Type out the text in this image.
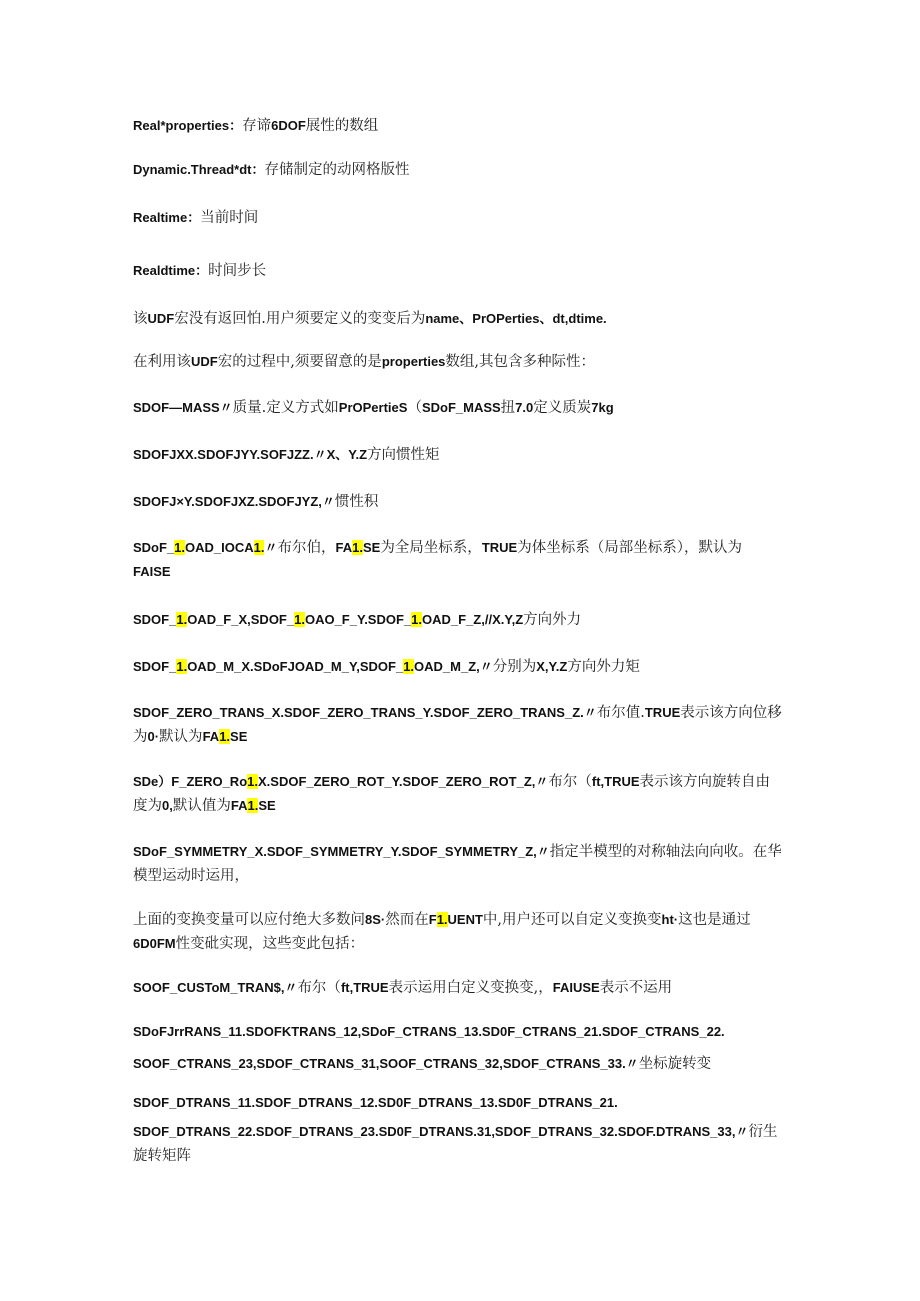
Real*properties：存谛6DOF展性的数组
Dynamic.Thread*dt：存储制定的动网格版性
Realtime：当前时间
Realdtime：时间步长
该UDF宏没有返回怕.用户须要定义的变变后为name、PrOPerties、dt,dtime.
在利用该UDF宏的过程中,须要留意的是properties数组,其包含多种际性：
SDOF—MASS〃质量.定义方式如PrOPertieS（SDoF_MASS扭7.0定义质炭7kg
SDOFJXX.SDOFJYY.SOFJZZ.〃X、Y.Z方向惯性矩
SDOFJ×Y.SDOFJXZ.SDOFJYZ,〃惯性积
SDoF_1.OAD_IOCA1.〃布尔伯，FA1.SE为全局坐标系，TRUE为体坐标系（局部坐标系），默认为
FAISE
SDOF_1.OAD_F_X,SDOF_1.OAO_F_Y.SDOF_1.OAD_F_Z,//X.Y,Z方向外力
SDOF_1.OAD_M_X.SDoFJOAD_M_Y,SDOF_1.OAD_M_Z,〃分别为X,Y.Z方向外力矩
SDOF_ZERO_TRANS_X.SDOF_ZERO_TRANS_Y.SDOF_ZERO_TRANS_Z.〃布尔值.TRUE表示该方向位移为0·默认为FA1.SE
SDe）F_ZERO_Ro1.X.SDOF_ZERO_ROT_Y.SDOF_ZERO_ROT_Z,〃布尔（ft,TRUE表示该方向旋转自由度为0,默认值为FA1.SE
SDoF_SYMMETRY_X.SDOF_SYMMETRY_Y.SDOF_SYMMETRY_Z,〃指定半模型的对称轴法向向收。在华模型运动时运用，
上面的变换变量可以应付绝大多数问8S·然而在F1.UENT中,用户还可以自定义变换变ht·这也是通过6D0FM性变砒实现，这些变此包括：
SOOF_CUSToM_TRAN$,〃布尔（ft,TRUE表示运用白定义变换变,，FAIUSE表示不运用
SDoFJrrRANS_11.SDOFKTRANS_12,SDoF_CTRANS_13.SD0F_CTRANS_21.SDOF_CTRANS_22.
SOOF_CTRANS_23,SDOF_CTRANS_31,SOOF_CTRANS_32,SDOF_CTRANS_33.〃坐标旋转变
SDOF_DTRANS_11.SDOF_DTRANS_12.SD0F_DTRANS_13.SD0F_DTRANS_21.
SDOF_DTRANS_22.SDOF_DTRANS_23.SD0F_DTRANS.31,SDOF_DTRANS_32.SDOF.DTRANS_33,〃衍生旋转矩阵
